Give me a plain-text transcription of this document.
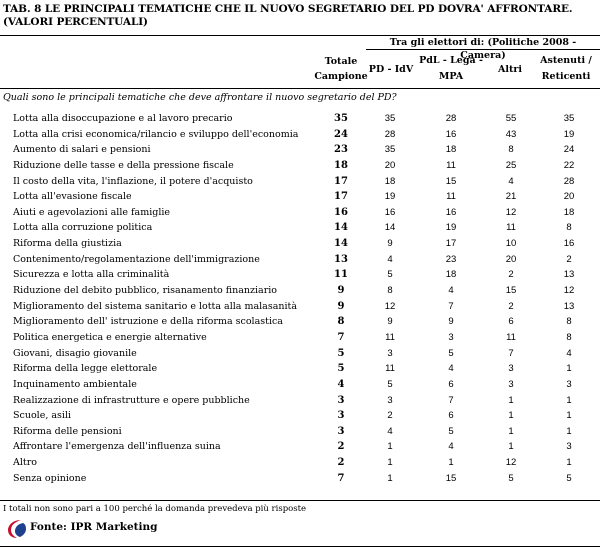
TAB. 8 LE PRINCIPALI TEMATICHE CHE IL NUOVO SEGRETARIO DEL PD DOVRA' AFFRONTARE.
(VALORI PERCENTUALI)
Tra gli elettori di: (Politiche 2008 - Camera)
Totale
Campione
PD - IdV
PdL - Lega -
MPA
Altri
Astenuti /
Reticenti
Quali sono le principali tematiche che deve affrontare il nuovo segretario del PD?
Lotta alla disoccupazione e al lavoro precario	35	35	28	55	35
Lotta alla crisi economica/rilancio e sviluppo dell'economia	24	28	16	43	19
Aumento di salari e pensioni	23	35	18	8	24
Riduzione delle tasse e della pressione fiscale	18	20	11	25	22
Il costo della vita, l'inflazione, il potere d'acquisto	17	18	15	4	28
Lotta all'evasione fiscale	17	19	11	21	20
Aiuti e agevolazioni alle famiglie	16	16	16	12	18
Lotta alla corruzione politica	14	14	19	11	8
Riforma della giustizia	14	9	17	10	16
Contenimento/regolamentazione dell'immigrazione	13	4	23	20	2
Sicurezza e lotta alla criminalità	11	5	18	2	13
Riduzione del debito pubblico, risanamento finanziario	9	8	4	15	12
Miglioramento del sistema sanitario e lotta alla malasanità	9	12	7	2	13
Miglioramento dell' istruzione e della riforma scolastica	8	9	9	6	8
Politica energetica e energie alternative	7	11	3	11	8
Giovani, disagio giovanile	5	3	5	7	4
Riforma della legge elettorale	5	11	4	3	1
Inquinamento ambientale	4	5	6	3	3
Realizzazione di infrastrutture e opere pubbliche	3	3	7	1	1
Scuole, asili	3	2	6	1	1
Riforma delle pensioni	3	4	5	1	1
Affrontare l'emergenza dell'influenza suina	2	1	4	1	3
Altro	2	1	1	12	1
Senza opinione	7	1	15	5	5
I totali non sono pari a 100 perché la domanda prevedeva più risposte
Fonte: IPR Marketing
